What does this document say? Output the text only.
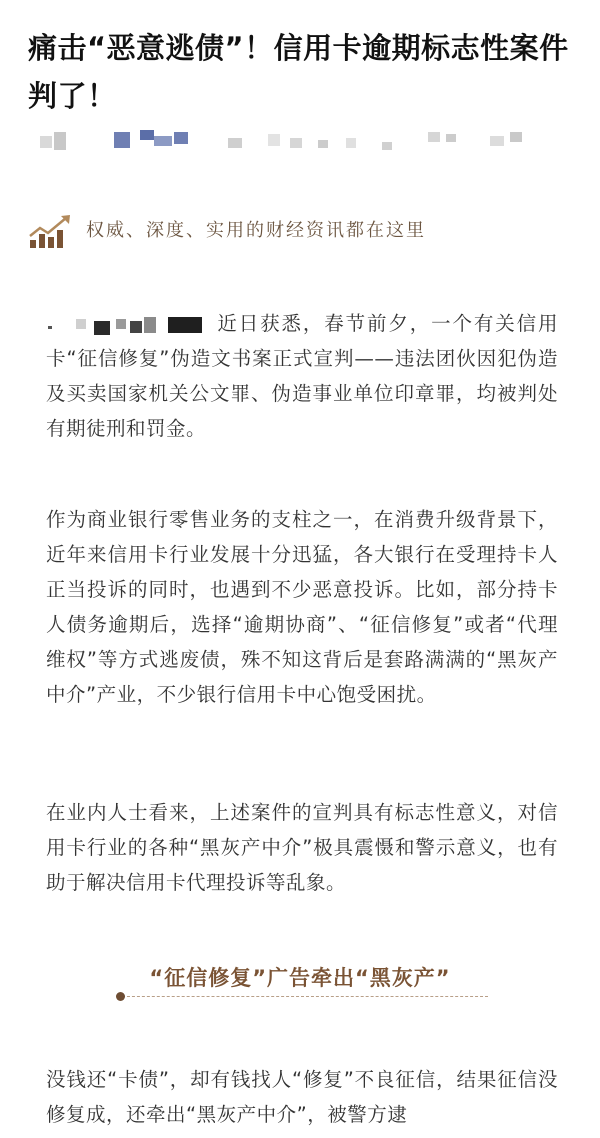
痛击“恶意逃债”！信用卡逾期标志性案件判了！
权威、深度、实用的财经资讯都在这里

近日获悉，春节前夕，一个有关信用卡“征信修复”伪造文书案正式宣判——违法团伙因犯伪造及买卖国家机关公文罪、伪造事业单位印章罪，均被判处有期徒刑和罚金。

作为商业银行零售业务的支柱之一，在消费升级背景下，近年来信用卡行业发展十分迅猛，各大银行在受理持卡人正当投诉的同时，也遇到不少恶意投诉。比如，部分持卡人债务逾期后，选择“逾期协商”、“征信修复”或者“代理维权”等方式逃废债，殊不知这背后是套路满满的“黑灰产中介”产业，不少银行信用卡中心饱受困扰。

在业内人士看来，上述案件的宣判具有标志性意义，对信用卡行业的各种“黑灰产中介”极具震慑和警示意义，也有助于解决信用卡代理投诉等乱象。

“征信修复”广告牵出“黑灰产”

没钱还“卡债”，却有钱找人“修复”不良征信，结果征信没修复成，还牵出“黑灰产中介”，被警方逮
